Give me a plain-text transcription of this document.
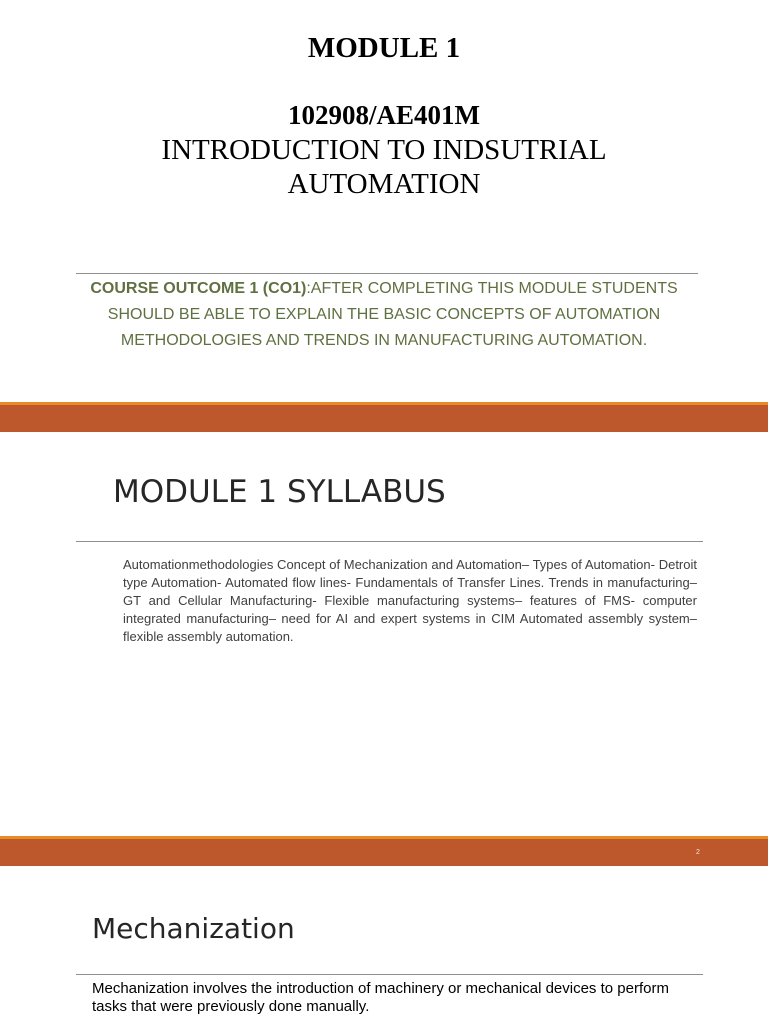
MODULE 1
102908/AE401M
INTRODUCTION TO INDSUTRIAL AUTOMATION

COURSE OUTCOME 1 (CO1):AFTER COMPLETING THIS MODULE STUDENTS SHOULD BE ABLE TO EXPLAIN THE BASIC CONCEPTS OF AUTOMATION METHODOLOGIES AND TRENDS IN MANUFACTURING AUTOMATION.

MODULE 1 SYLLABUS

Automationmethodologies Concept of Mechanization and Automation– Types of Automation- Detroit type Automation- Automated flow lines- Fundamentals of Transfer Lines. Trends in manufacturing– GT and Cellular Manufacturing- Flexible manufacturing systems– features of FMS- computer integrated manufacturing– need for AI and expert systems in CIM Automated assembly system– flexible assembly automation.

2
Mechanization

Mechanization involves the introduction of machinery or mechanical devices to perform tasks that were previously done manually.
